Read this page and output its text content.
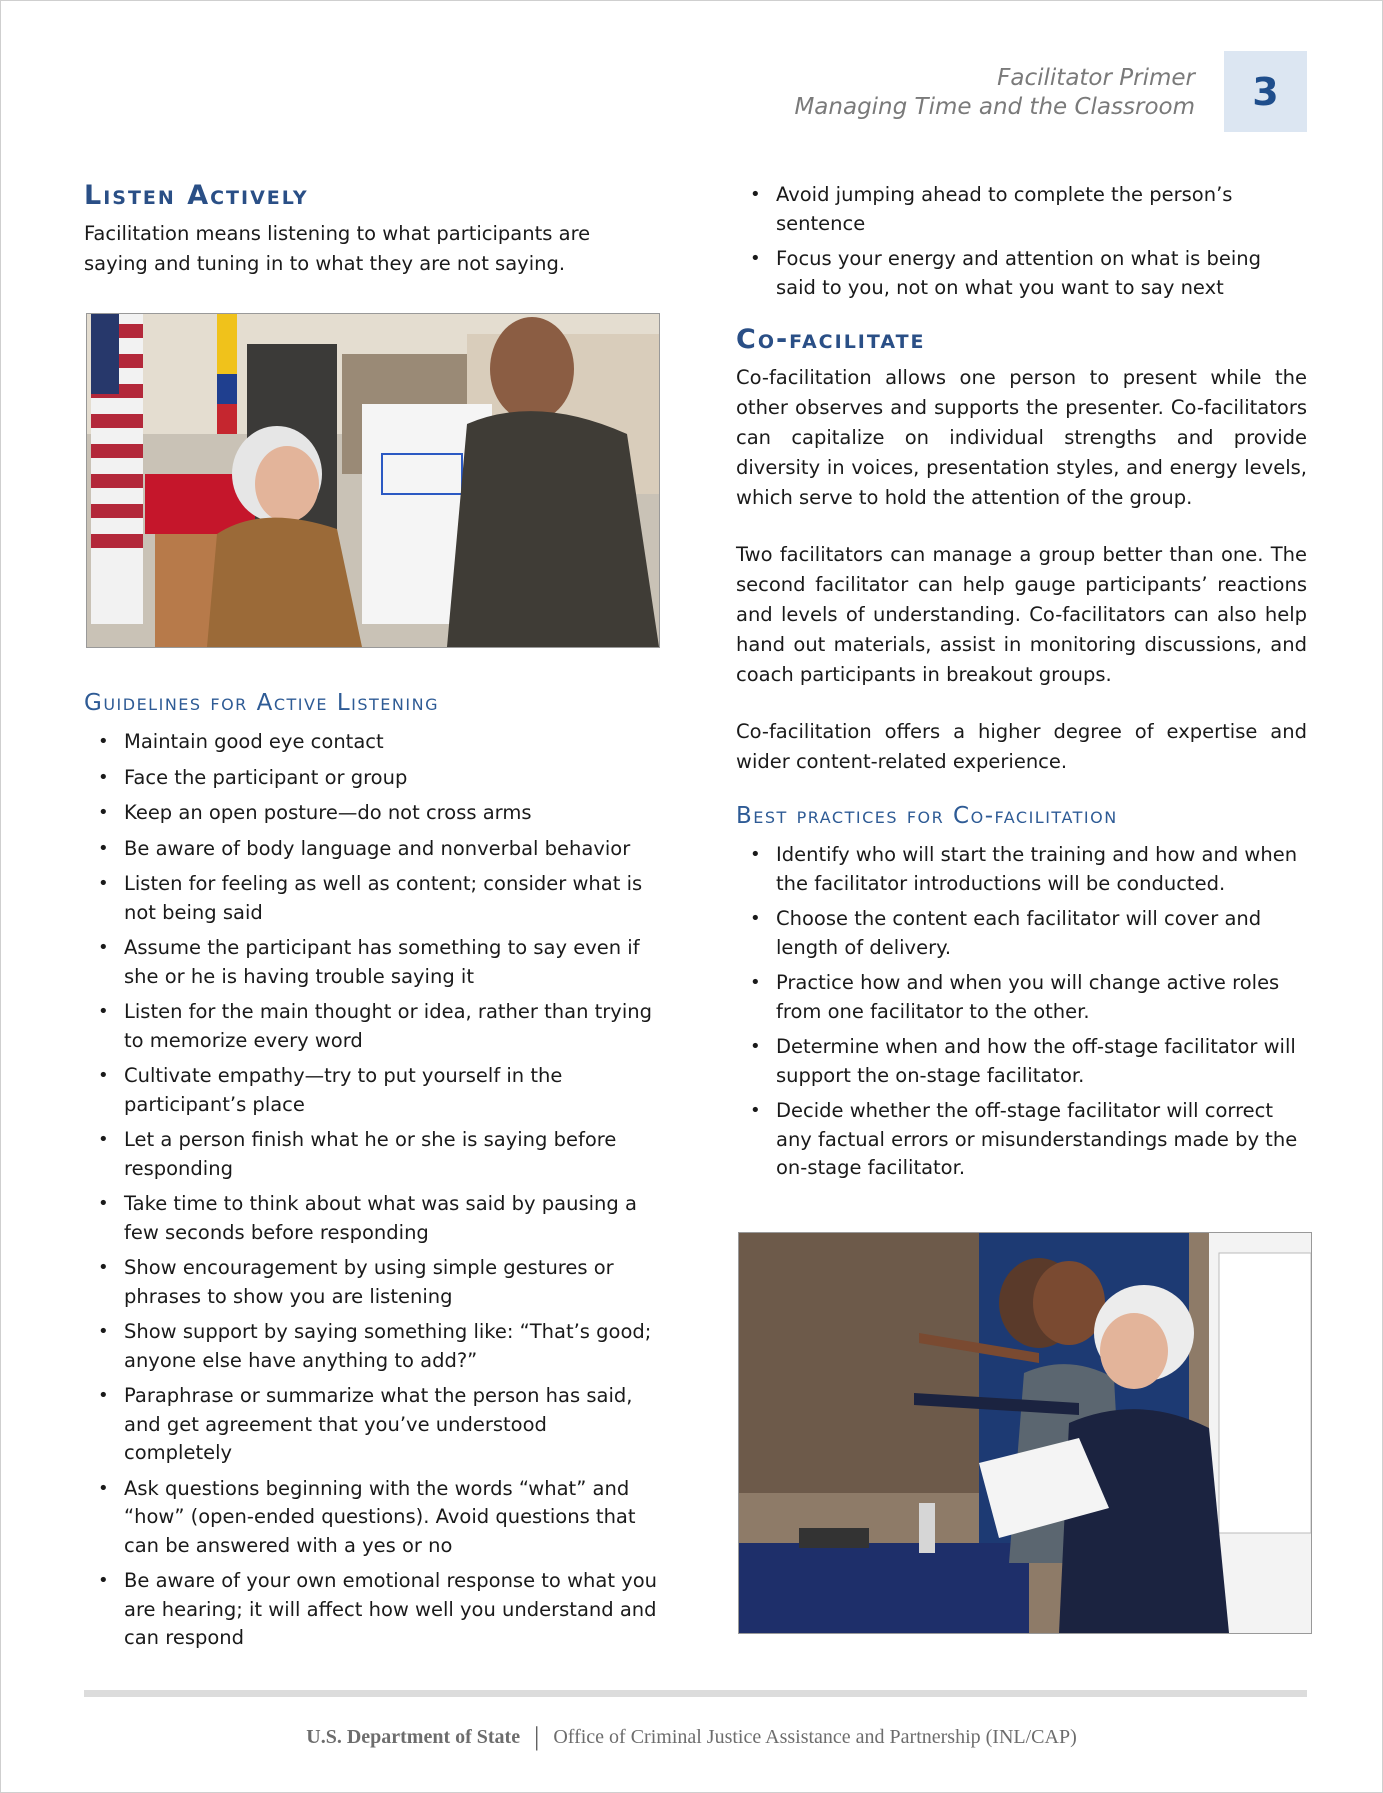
Facilitator Primer
Managing Time and the Classroom	3
Listen Actively

Facilitation means listening to what participants are saying and tuning in to what they are not saying.

Guidelines for Active Listening
• Maintain good eye contact
• Face the participant or group
• Keep an open posture—do not cross arms
• Be aware of body language and nonverbal behavior
• Listen for feeling as well as content; consider what is not being said
• Assume the participant has something to say even if she or he is having trouble saying it
• Listen for the main thought or idea, rather than trying to memorize every word
• Cultivate empathy—try to put yourself in the participant’s place
• Let a person finish what he or she is saying before responding
• Take time to think about what was said by pausing a few seconds before responding
• Show encouragement by using simple gestures or phrases to show you are listening
• Show support by saying something like: “That’s good; anyone else have anything to add?”
• Paraphrase or summarize what the person has said, and get agreement that you’ve understood completely
• Ask questions beginning with the words “what” and “how” (open-ended questions). Avoid questions that can be answered with a yes or no
• Be aware of your own emotional response to what you are hearing; it will affect how well you understand and can respond
• Avoid jumping ahead to complete the person’s sentence
• Focus your energy and attention on what is being said to you, not on what you want to say next
Co-facilitate

Co-facilitation allows one person to present while the other observes and supports the presenter. Co-facilitators can capitalize on individual strengths and provide diversity in voices, presentation styles, and energy levels, which serve to hold the attention of the group.

Two facilitators can manage a group better than one. The second facilitator can help gauge participants’ reactions and levels of understanding. Co-facilitators can also help hand out materials, assist in monitoring discussions, and coach participants in breakout groups.

Co-facilitation offers a higher degree of expertise and wider content-related experience.

Best practices for Co-facilitation
• Identify who will start the training and how and when the facilitator introductions will be conducted.
• Choose the content each facilitator will cover and length of delivery.
• Practice how and when you will change active roles from one facilitator to the other.
• Determine when and how the off-stage facilitator will support the on-stage facilitator.
• Decide whether the off-stage facilitator will correct any factual errors or misunderstandings made by the on-stage facilitator.
U.S. Department of State | Office of Criminal Justice Assistance and Partnership (INL/CAP)
